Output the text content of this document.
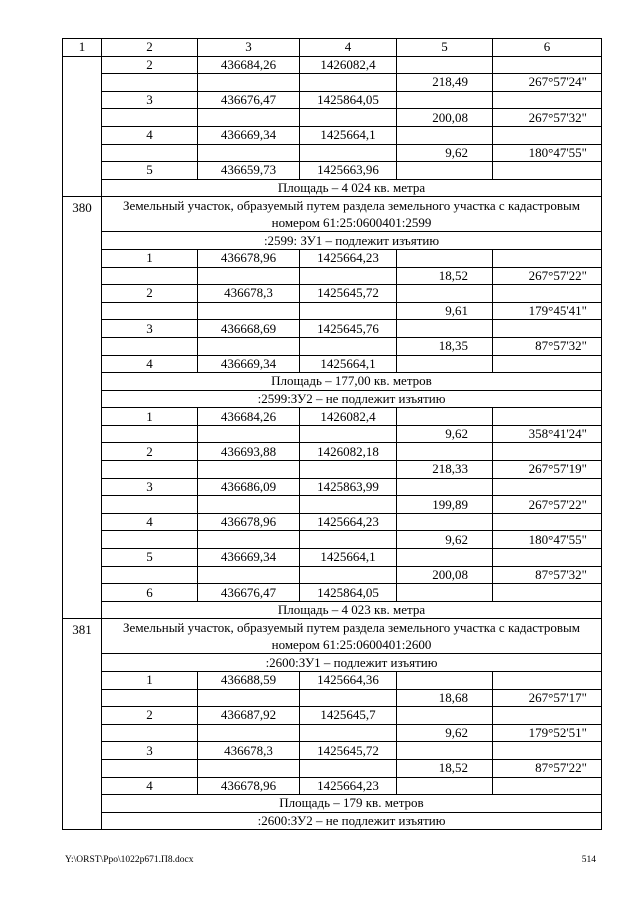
1	2	3	4	5	6
	2	436684,26	1426082,4		
				218,49	267°57'24"
	3	436676,47	1425864,05		
				200,08	267°57'32"
	4	436669,34	1425664,1		
				9,62	180°47'55"
	5	436659,73	1425663,96		
	Площадь – 4 024 кв. метра				
380	Земельный участок, образуемый путем раздела земельного участка с кадастровым номером 61:25:0600401:2599				
	:2599: ЗУ1 – подлежит изъятию				
	1	436678,96	1425664,23		
				18,52	267°57'22"
	2	436678,3	1425645,72		
				9,61	179°45'41"
	3	436668,69	1425645,76		
				18,35	87°57'32"
	4	436669,34	1425664,1		
	Площадь – 177,00 кв. метров				
	:2599:ЗУ2 – не подлежит изъятию				
	1	436684,26	1426082,4		
				9,62	358°41'24"
	2	436693,88	1426082,18		
				218,33	267°57'19"
	3	436686,09	1425863,99		
				199,89	267°57'22"
	4	436678,96	1425664,23		
				9,62	180°47'55"
	5	436669,34	1425664,1		
				200,08	87°57'32"
	6	436676,47	1425864,05		
	Площадь – 4 023 кв. метра				
381	Земельный участок, образуемый путем раздела земельного участка с кадастровым номером 61:25:0600401:2600				
	:2600:ЗУ1 – подлежит изъятию				
	1	436688,59	1425664,36		
				18,68	267°57'17"
	2	436687,92	1425645,7		
				9,62	179°52'51"
	3	436678,3	1425645,72		
				18,52	87°57'22"
	4	436678,96	1425664,23		
	Площадь – 179 кв. метров				
	:2600:ЗУ2 – не подлежит изъятию				
Y:\ORST\Ppo\1022p671.П8.docx	514
